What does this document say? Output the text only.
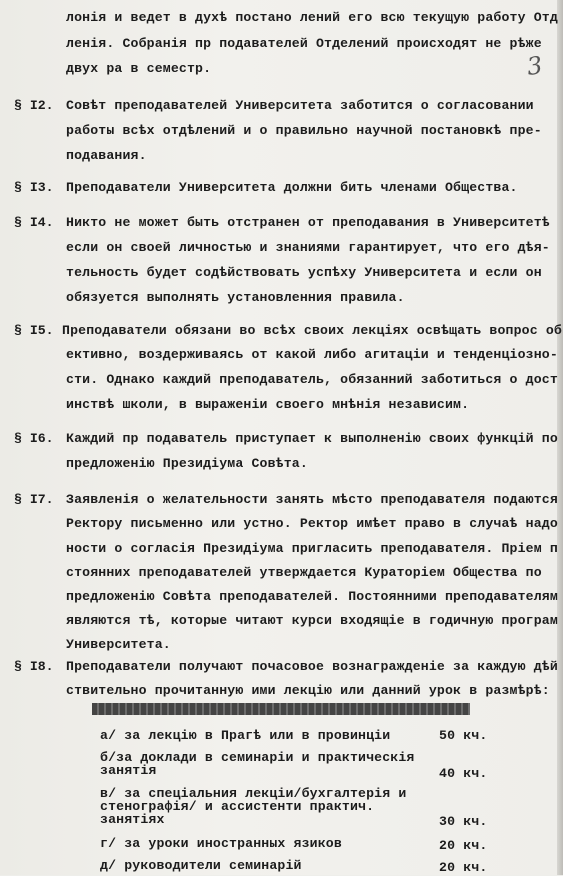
3
лонія и ведет в духѣ постано лений его всю текущую работу Отд
ленія. Собранія пр подавателей Отделений происходят не рѣже
двух ра в семестр.
§ I2. Совѣт преподавателей Университета заботится о согласовании
работы всѣх отдѣлений и о правильно научной постановкѣ пре-
подавания.
§ I3. Преподаватели Университета должни бить членами Общества.
§ I4. Никто не может быть отстранен от преподавания в Университетѣ
если он своей личностью и знаниями гарантирует, что его дѣя-
тельность будет содѣйствовать успѣху Университета и если он
обязуется выполнять установленния правила.
§ I5. Преподаватели обязани во всѣх своих лекціях освѣщать вопрос об
ективно, воздерживаясь от какой либо агитаціи и тенденціозно-
сти. Однако каждий преподаватель, обязанний заботиться о дост
инствѣ школи, в выраженіи своего мнѣнія независим.
§ I6. Каждий пр подаватель приступает к выполненію своих функцій по
предложенію Президіума Совѣта.
§ I7. Заявленія о желательности занять мѣсто преподавателя подаются
Ректору письменно или устно. Ректор имѣет право в случаѣ надо
ности о согласія Президіума пригласить преподавателя. Пріем п
стоянних преподавателей утверждается Кураторіем Общества по
предложенію Совѣта преподавателей. Постоянними преподавателям
являются тѣ, которые читают курси входящіе в годичную програм
Университета.
§ I8. Преподаватели получают почасовое вознагражденіе за каждую дѣй
ствительно прочитанную ими лекцію или данний урок в размѣрѣ:
а/ за лекцію в Прагѣ или в провинціи	50 кч.
б/за доклади в семинаріи и практическія
занятія	40 кч.
в/ за спеціальния лекціи/бухгалтерія и
стенографія/ и ассистенти практич.
занятіях	30 кч.
г/ за уроки иностранных язиков	20 кч.
д/ руководители семинарій	20 кч.
